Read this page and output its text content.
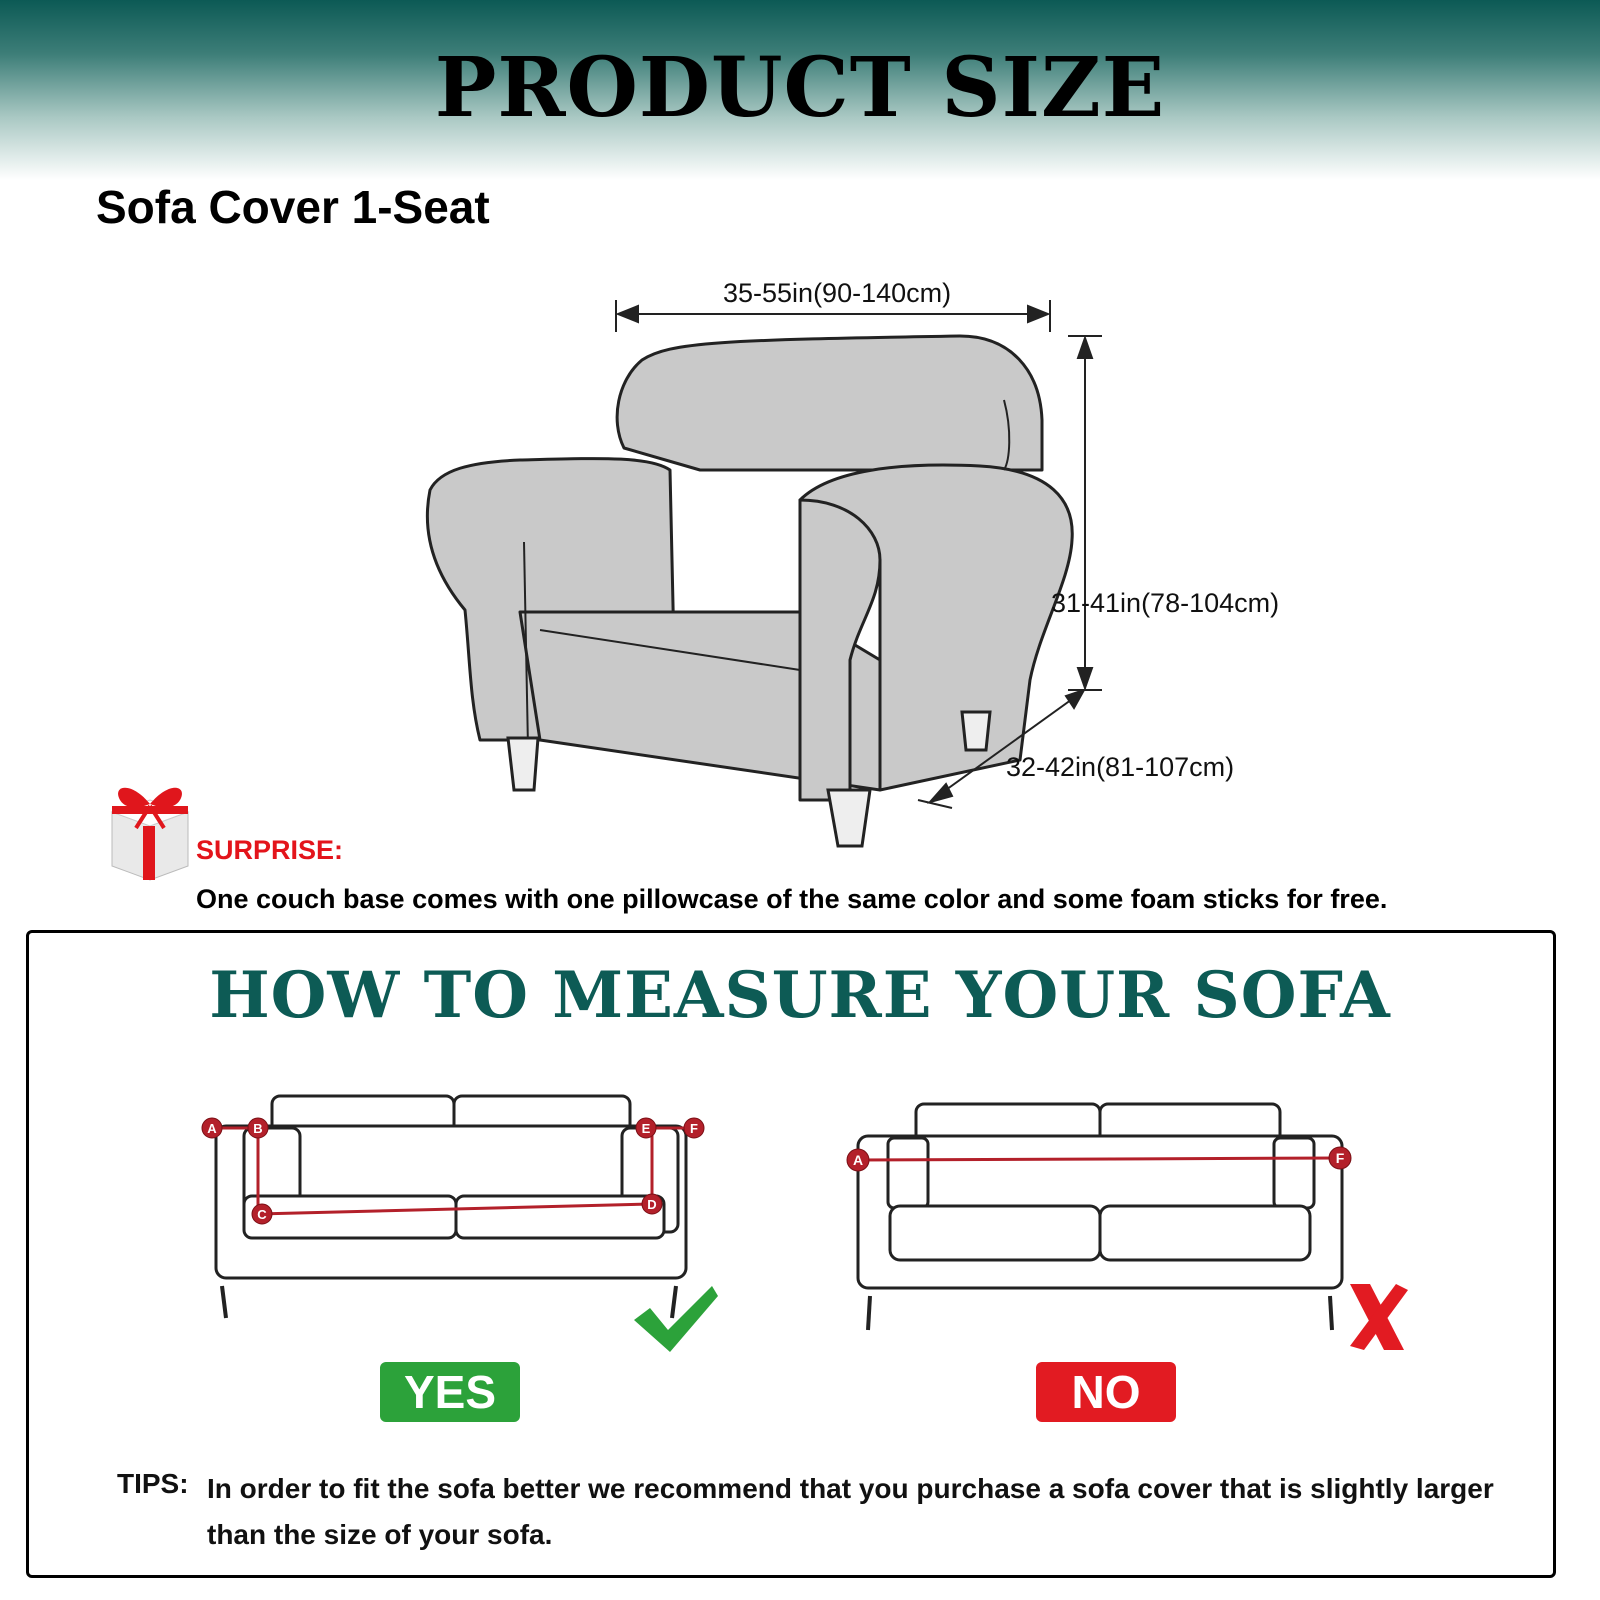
PRODUCT SIZE
Sofa Cover 1-Seat
35-55in(90-140cm)
31-41in(78-104cm)
32-42in(81-107cm)
SURPRISE:
One couch base comes with one pillowcase of the same color and some foam sticks for free.
HOW TO MEASURE YOUR SOFA
A	B
C
D
E	F
A	F
YES	NO
TIPS: In order to fit the sofa better we recommend that you purchase a sofa cover that is slightly larger than the size of your sofa.
